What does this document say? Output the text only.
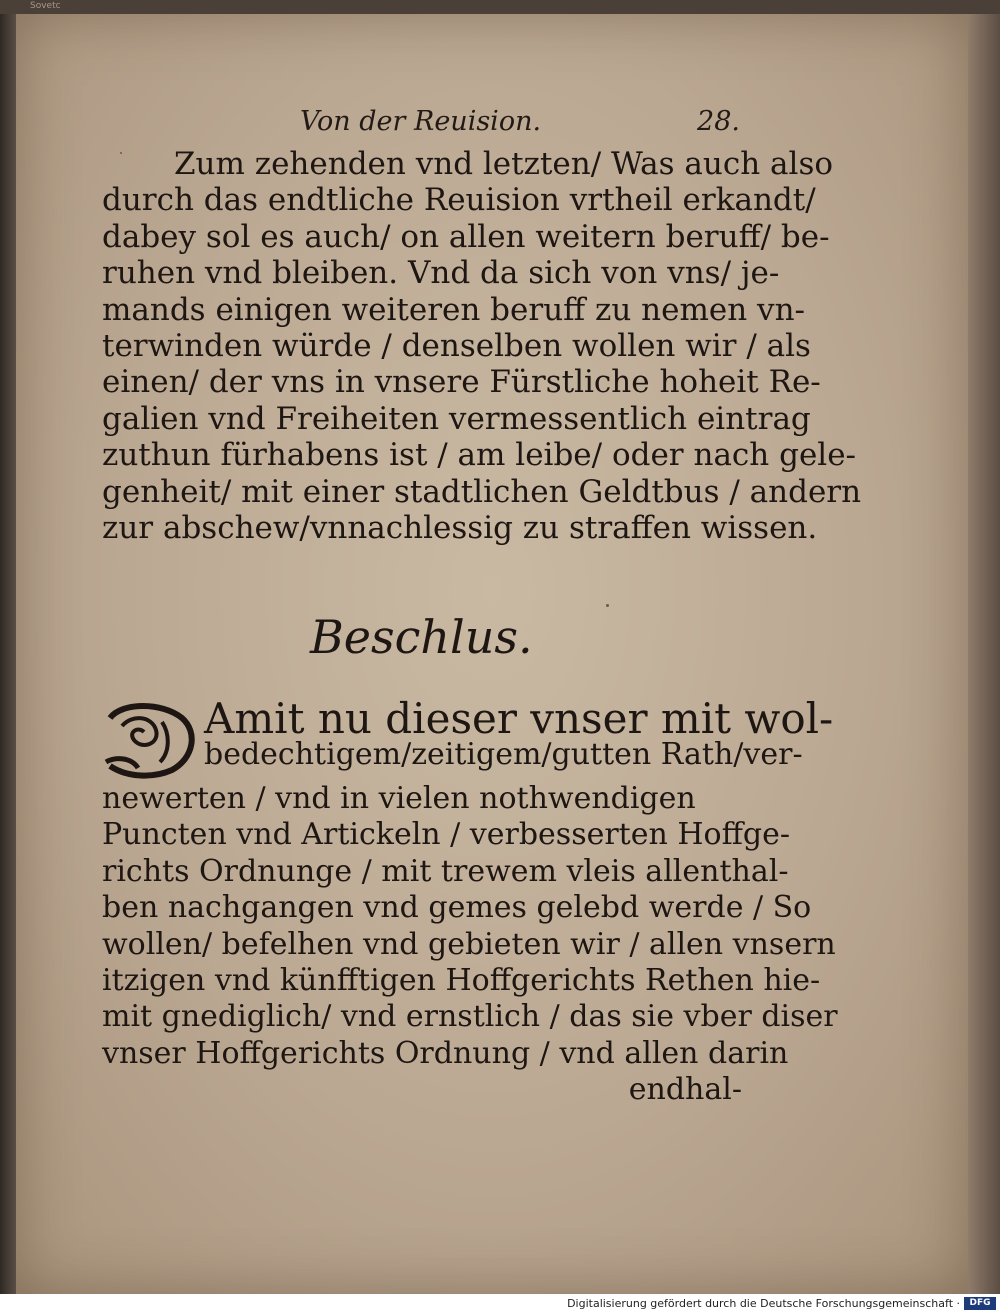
Sovetc
Von der Reuision.	28.
Zum zehenden vnd letzten/ Was auch also
durch das endtliche Reuision vrtheil erkandt/
dabey sol es auch/ on allen weitern beruff/ be-
ruhen vnd bleiben. Vnd da sich von vns/ je-
mands einigen weiteren beruff zu nemen vn-
terwinden würde / denselben wollen wir / als
einen/ der vns in vnsere Fürstliche hoheit Re-
galien vnd Freiheiten vermessentlich eintrag
zuthun fürhabens ist / am leibe/ oder nach gele-
genheit/ mit einer stadtlichen Geldtbus / andern
zur abschew/vnnachlessig zu straffen wissen.
Beschlus.
Amit nu dieser vnser mit wol-
bedechtigem/zeitigem/gutten Rath/ver-
newerten / vnd in vielen nothwendigen
Puncten vnd Artickeln / verbesserten Hoffge-
richts Ordnunge / mit trewem vleis allenthal-
ben nachgangen vnd gemes gelebd werde / So
wollen/ befelhen vnd gebieten wir / allen vnsern
itzigen vnd künfftigen Hoffgerichts Rethen hie-
mit gnediglich/ vnd ernstlich / das sie vber diser
vnser Hoffgerichts Ordnung / vnd allen darin
endhal-
Digitalisierung gefördert durch die Deutsche Forschungsgemeinschaft ·	DFG
